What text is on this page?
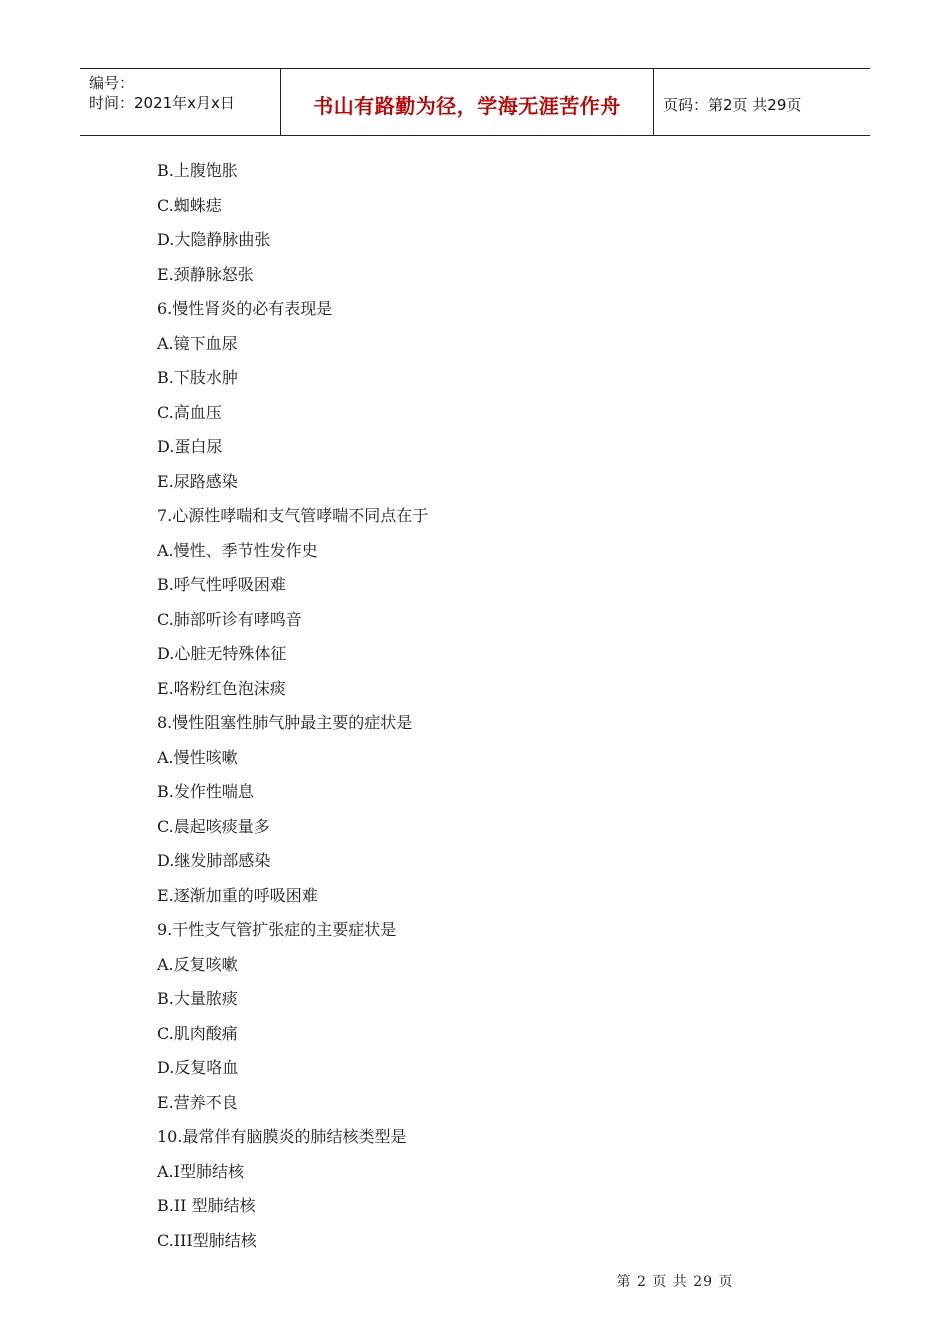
编号：
时间：2021年x月x日	书山有路勤为径，学海无涯苦作舟	页码：第2页 共29页
B.上腹饱胀
C.蜘蛛痣
D.大隐静脉曲张
E.颈静脉怒张
6.慢性肾炎的必有表现是
A.镜下血尿
B.下肢水肿
C.高血压
D.蛋白尿
E.尿路感染
7.心源性哮喘和支气管哮喘不同点在于
A.慢性、季节性发作史
B.呼气性呼吸困难
C.肺部听诊有哮鸣音
D.心脏无特殊体征
E.咯粉红色泡沫痰
8.慢性阻塞性肺气肿最主要的症状是
A.慢性咳嗽
B.发作性喘息
C.晨起咳痰量多
D.继发肺部感染
E.逐渐加重的呼吸困难
9.干性支气管扩张症的主要症状是
A.反复咳嗽
B.大量脓痰
C.肌肉酸痛
D.反复咯血
E.营养不良
10.最常伴有脑膜炎的肺结核类型是
A.I型肺结核
B.II 型肺结核
C.III型肺结核
第 2 页 共 29 页
